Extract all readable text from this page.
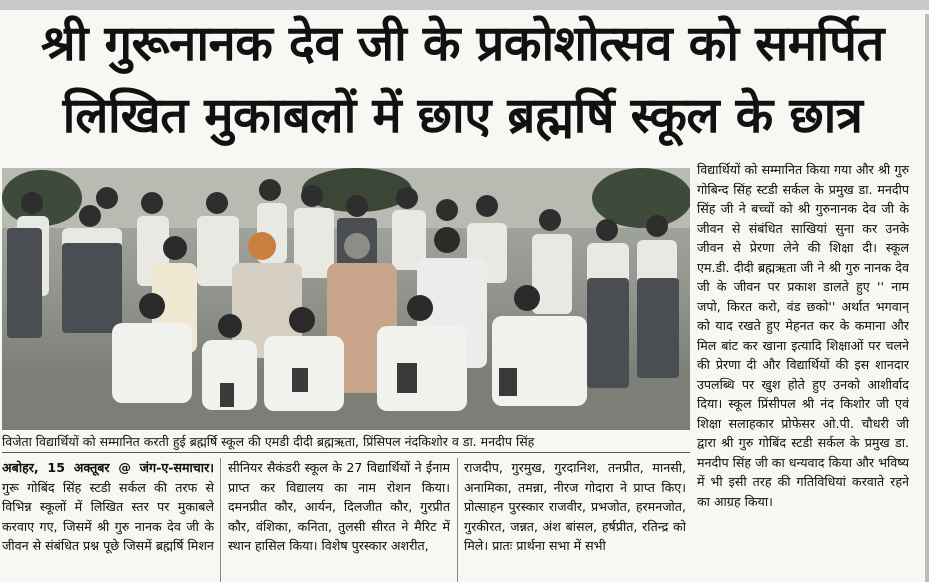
श्री गुरूनानक देव जी के प्रकोशोत्सव को समर्पित
लिखित मुकाबलों में छाए ब्रह्मर्षि स्कूल के छात्र
विजेता विद्यार्थियों को सम्मानित करती हुई ब्रह्मर्षि स्कूल की एमडी दीदी ब्रह्मऋता, प्रिंसिपल नंदकिशोर व डा. मनदीप सिंह

अबोहर, 15 अक्तूबर @ जंग-ए-समाचार। गुरू गोबिंद सिंह स्टडी सर्कल की तरफ से विभिन्न स्कूलों में लिखित स्तर पर मुकाबले करवाए गए, जिसमें श्री गुरु नानक देव जी के जीवन से संबंधित प्रश्न पूछे जिसमें ब्रह्मर्षि मिशन

सीनियर सैकंडरी स्कूल के 27 विद्यार्थियों ने ईनाम प्राप्त कर विद्यालय का नाम रोशन किया। दमनप्रीत कौर, आर्यन, दिलजीत कौर, गुरप्रीत कौर, वंशिका, कनिता, तुलसी सीरत ने मैरिट में स्थान हासिल किया। विशेष पुरस्कार अशरीत,

राजदीप, गुरमुख, गुरदानिश, तनप्रीत, मानसी, अनामिका, तमन्ना, नीरज गोदारा ने प्राप्त किए। प्रोत्साहन पुरस्कार राजवीर, प्रभजोत, हरमनजोत, गुरकीरत, जन्नत, अंश बांसल, हर्षप्रीत, रतिन्द्र को मिले। प्रातः प्रार्थना सभा में सभी

विद्यार्थियों को सम्मानित किया गया और श्री गुरु गोबिन्द सिंह स्टडी सर्कल के प्रमुख डा. मनदीप सिंह जी ने बच्चों को श्री गुरुनानक देव जी के जीवन से संबंधित साखियां सुना कर उनके जीवन से प्रेरणा लेने की शिक्षा दी। स्कूल एम.डी. दीदी ब्रह्मऋता जी ने श्री गुरु नानक देव जी के जीवन पर प्रकाश डालते हुए '' नाम जपो, किरत करो, वंड छको'' अर्थात भगवान् को याद रखते हुए मेहनत कर के कमाना और मिल बांट कर खाना इत्यादि शिक्षाओं पर चलने की प्रेरणा दी और विद्यार्थियों की इस शानदार उपलब्धि पर खुश होते हुए उनको आशीर्वाद दिया। स्कूल प्रिंसीपल श्री नंद किशोर जी एवं शिक्षा सलाहकार प्रोफेसर ओ.पी. चौधरी जी द्वारा श्री गुरु गोबिंद स्टडी सर्कल के प्रमुख डा. मनदीप सिंह जी का धन्यवाद किया और भविष्य में भी इसी तरह की गतिविधियां करवाते रहने का आग्रह किया।
